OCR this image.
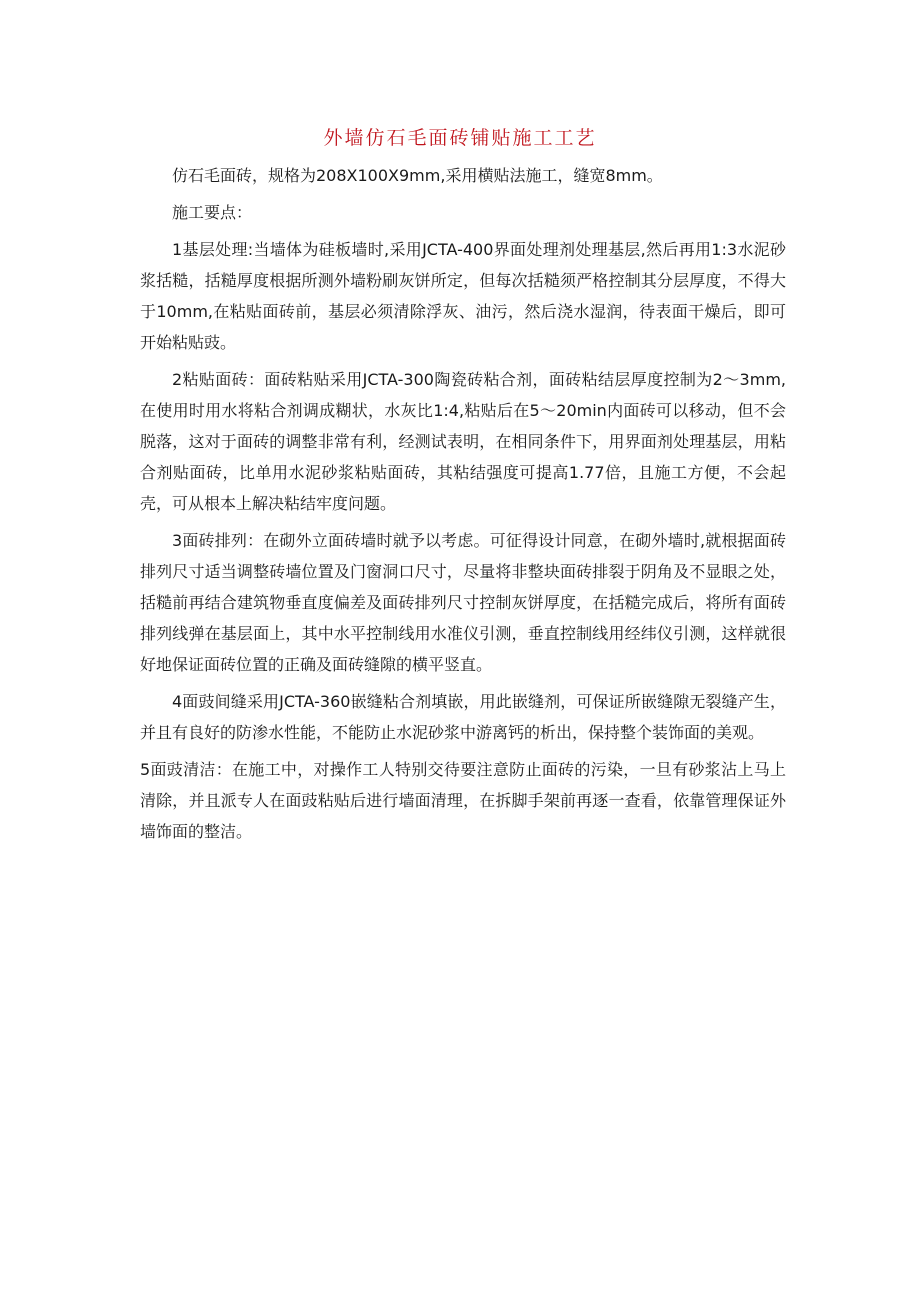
外墙仿石毛面砖铺贴施工工艺

仿石毛面砖，规格为208X100X9mm,采用横贴法施工，缝宽8mm。

施工要点：

1基层处理:当墙体为硅板墙时,采用JCTA-400界面处理剂处理基层,然后再用1:3水泥砂浆括糙，括糙厚度根据所测外墙粉刷灰饼所定，但每次括糙须严格控制其分层厚度，不得大于10mm,在粘贴面砖前，基层必须清除浮灰、油污，然后浇水湿润，待表面干燥后，即可开始粘贴豉。

2粘贴面砖：面砖粘贴采用JCTA-300陶瓷砖粘合剂，面砖粘结层厚度控制为2～3mm,在使用时用水将粘合剂调成糊状，水灰比1:4,粘贴后在5～20min内面砖可以移动，但不会脱落，这对于面砖的调整非常有利，经测试表明，在相同条件下，用界面剂处理基层，用粘合剂贴面砖，比单用水泥砂浆粘贴面砖，其粘结强度可提高1.77倍，且施工方便，不会起壳，可从根本上解决粘结牢度问题。

3面砖排列：在砌外立面砖墙时就予以考虑。可征得设计同意，在砌外墙时,就根据面砖排列尺寸适当调整砖墙位置及门窗洞口尺寸，尽量将非整块面砖排裂于阴角及不显眼之处，括糙前再结合建筑物垂直度偏差及面砖排列尺寸控制灰饼厚度，在括糙完成后，将所有面砖排列线弹在基层面上，其中水平控制线用水准仪引测，垂直控制线用经纬仪引测，这样就很好地保证面砖位置的正确及面砖缝隙的横平竖直。

4面豉间缝采用JCTA-360嵌缝粘合剂填嵌，用此嵌缝剂，可保证所嵌缝隙无裂缝产生，并且有良好的防渗水性能，不能防止水泥砂浆中游离钙的析出，保持整个装饰面的美观。

5面豉清洁：在施工中，对操作工人特别交待要注意防止面砖的污染，一旦有砂浆沾上马上清除，并且派专人在面豉粘贴后进行墙面清理，在拆脚手架前再逐一查看，依靠管理保证外墙饰面的整洁。
